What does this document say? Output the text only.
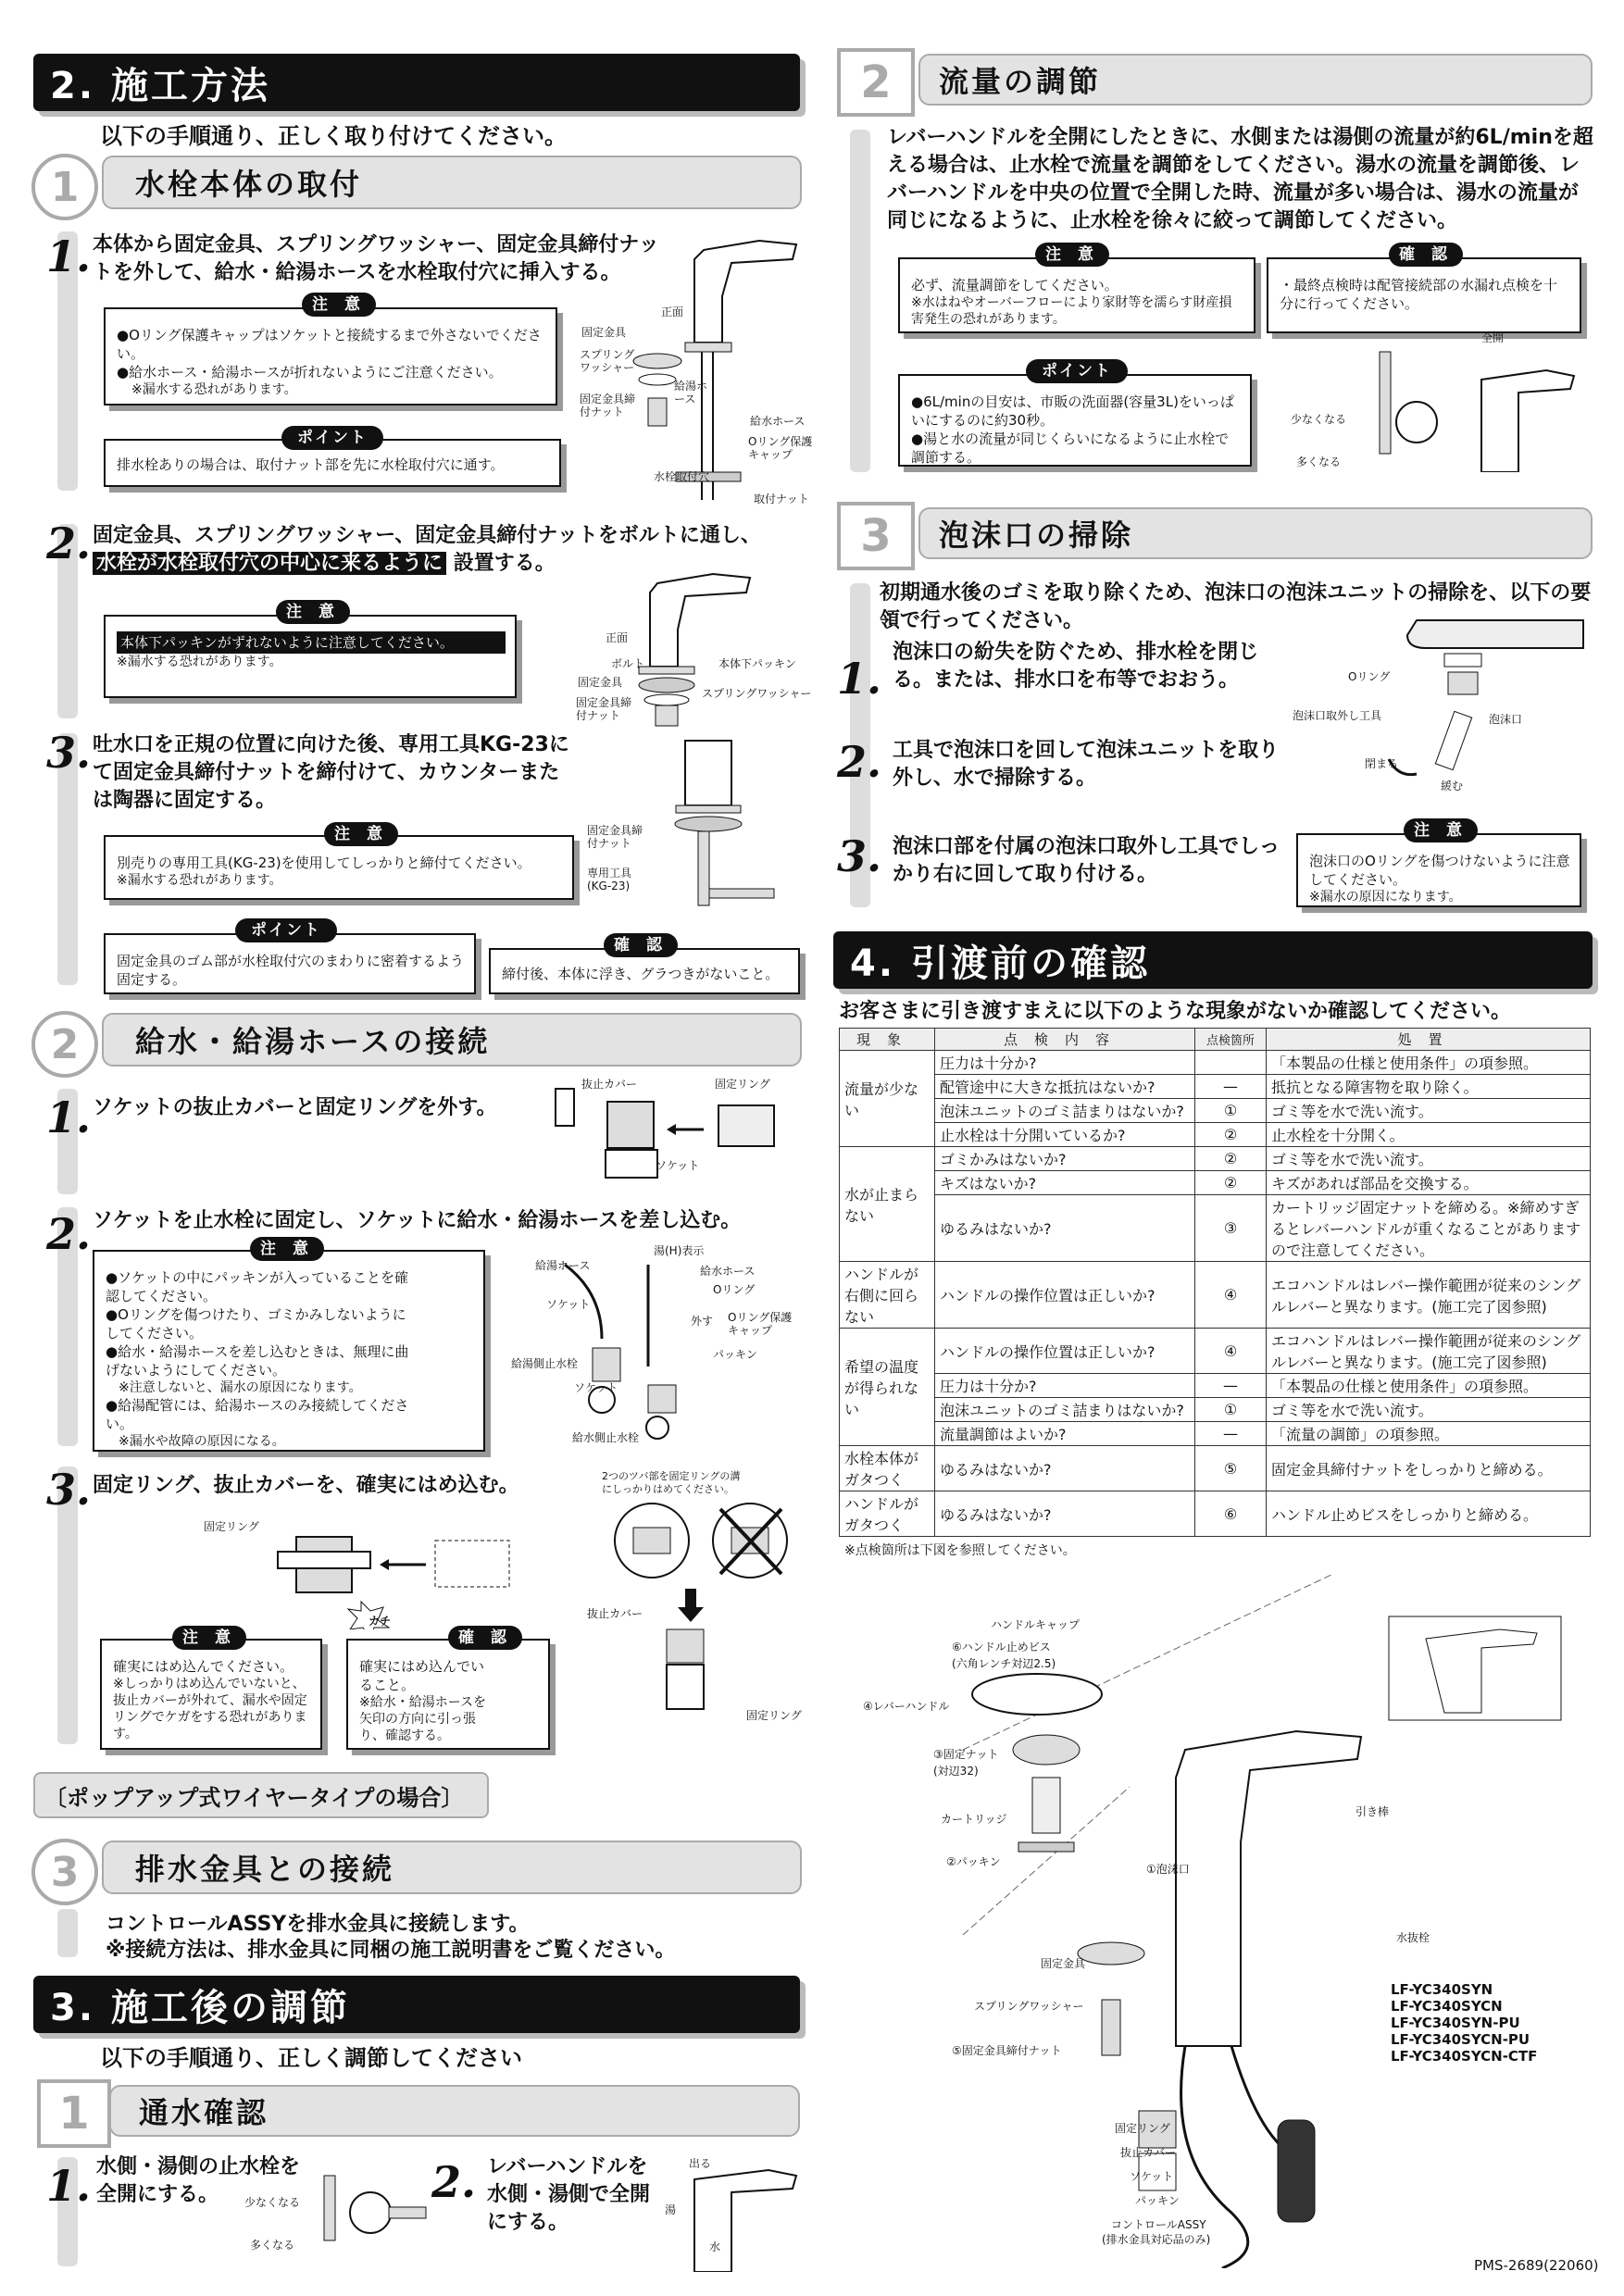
2. 施工方法
以下の手順通り、正しく取り付けてください。
水栓本体の取付
1
1. 本体から固定金具、スプリングワッシャー、固定金具締付ナットを外して、給水・給湯ホースを水栓取付穴に挿入する。
●Oリング保護キャップはソケットと接続するまで外さないでください。
●給水ホース・給湯ホースが折れないようにご注意ください。
※漏水する恐れがあります。
注 意
排水栓ありの場合は、取付ナット部を先に水栓取付穴に通す。
ポイント
正面
固定金具
スプリングワッシャー
給湯ホース
固定金具締付ナット
給水ホース
Oリング保護キャップ
水栓取付穴
取付ナット
2. 固定金具、スプリングワッシャー、固定金具締付ナットをボルトに通し、
水栓が水栓取付穴の中心に来るように 設置する。
本体下パッキンがずれないように注意してください。
※漏水する恐れがあります。
注 意
正面
ボルト	本体下パッキン
固定金具
スプリングワッシャー
固定金具締付ナット
3. 吐水口を正規の位置に向けた後、専用工具KG-23にて固定金具締付ナットを締付けて、カウンターまたは陶器に固定する。
別売りの専用工具(KG-23)を使用してしっかりと締付てください。
※漏水する恐れがあります。
注 意
固定金具のゴム部が水栓取付穴のまわりに密着するよう固定する。
ポイント
締付後、本体に浮き、グラつきがないこと。
確 認
固定金具締付ナット
専用工具(KG-23)
給水・給湯ホースの接続
2
1. ソケットの抜止カバーと固定リングを外す。
抜止カバー	固定リング
ソケット
2. ソケットを止水栓に固定し、ソケットに給水・給湯ホースを差し込む。
●ソケットの中にパッキンが入っていることを確認してください。
●Oリングを傷つけたり、ゴミかみしないようにしてください。
●給水・給湯ホースを差し込むときは、無理に曲げないようにしてください。
※注意しないと、漏水の原因になります。
●給湯配管には、給湯ホースのみ接続してください。
※漏水や故障の原因になる。
注 意
給湯ホース
湯(H)表示
給水ホース
Oリング
ソケット
外す Oリング保護キャップ
パッキン
給湯側止水栓
ソケット
給水側止水栓
3. 固定リング、抜止カバーを、確実にはめ込む。
固定リング
カチ
2つのツバ部を固定リングの溝にしっかりはめてください。
抜止カバー
固定リング
確実にはめ込んでください。
※しっかりはめ込んでいないと、抜止カバーが外れて、漏水や固定リングでケガをする恐れがあります。
注 意
確実にはめ込んでいること。
※給水・給湯ホースを矢印の方向に引っ張り、確認する。
確 認
〔ポップアップ式ワイヤータイプの場合〕
排水金具との接続
3
コントロールASSYを排水金具に接続します。
※接続方法は、排水金具に同梱の施工説明書をご覧ください。
3. 施工後の調節
以下の手順通り、正しく調節してください
通水確認
1
1. 水側・湯側の止水栓を全開にする。	少なくなる
多くなる
2. レバーハンドルを水側・湯側で全開にする。
出る
湯
水
流量の調節
2
レバーハンドルを全開にしたときに、水側または湯側の流量が約6L/minを超える場合は、止水栓で流量を調節をしてください。湯水の流量を調節後、レバーハンドルを中央の位置で全開した時、流量が多い場合は、湯水の流量が同じになるように、止水栓を徐々に絞って調節してください。
必ず、流量調節をしてください。
※水はねやオーバーフローにより家財等を濡らす財産損害発生の恐れがあります。
注 意
・最終点検時は配管接続部の水漏れ点検を十分に行ってください。
確 認
●6L/minの目安は、市販の洗面器(容量3L)をいっぱいにするのに約30秒。
●湯と水の流量が同じくらいになるように止水栓で調節する。
ポイント
全開
少なくなる
多くなる
泡沫口の掃除
3
初期通水後のゴミを取り除くため、泡沫口の泡沫ユニットの掃除を、以下の要領で行ってください。
1.
泡沫口の紛失を防ぐため、排水栓を閉じる。または、排水口を布等でおおう。
2. 工具で泡沫口を回して泡沫ユニットを取り外し、水で掃除する。
3. 泡沫口部を付属の泡沫口取外し工具でしっかり右に回して取り付ける。
Oリング
泡沫口取外し工具	泡沫口
閉まる
緩む
泡沫口のOリングを傷つけないように注意してください。
※漏水の原因になります。
注 意
4. 引渡前の確認
お客さまに引き渡すまえに以下のような現象がないか確認してください。
現象	点検内容	点検箇所	処置
流量が少ない	圧力は十分か?		「本製品の仕様と使用条件」の項参照。
	配管途中に大きな抵抗はないか?	—	抵抗となる障害物を取り除く。
	泡沫ユニットのゴミ詰まりはないか?	①	ゴミ等を水で洗い流す。
	止水栓は十分開いているか?	②	止水栓を十分開く。
水が止まらない	ゴミかみはないか?	②	ゴミ等を水で洗い流す。
	キズはないか?	②	キズがあれば部品を交換する。
	ゆるみはないか?	③	カートリッジ固定ナットを締める。※締めすぎるとレバーハンドルが重くなることがありますので注意してください。
ハンドルが右側に回らない	ハンドルの操作位置は正しいか?	④	エコハンドルはレバー操作範囲が従来のシングルレバーと異なります。(施工完了図参照)
希望の温度が得られない	ハンドルの操作位置は正しいか?	④	エコハンドルはレバー操作範囲が従来のシングルレバーと異なります。(施工完了図参照)
	圧力は十分か?	—	「本製品の仕様と使用条件」の項参照。
	泡沫ユニットのゴミ詰まりはないか?	①	ゴミ等を水で洗い流す。
	流量調節はよいか?	—	「流量の調節」の項参照。
水栓本体がガタつく	ゆるみはないか?	⑤	固定金具締付ナットをしっかりと締める。
ハンドルがガタつく	ゆるみはないか?	⑥	ハンドル止めビスをしっかりと締める。
※点検箇所は下図を参照してください。
ハンドルキャップ
⑥ハンドル止めビス
(六角レンチ対辺2.5)
④レバーハンドル
③固定ナット
(対辺32)
カートリッジ
②パッキン
①泡沫口
引き棒
固定金具
スプリングワッシャー
⑤固定金具締付ナット
固定リング
抜止カバー
ソケット
パッキン
コントロールASSY
(排水金具対応品のみ)
水抜栓
LF-YC340SYN
LF-YC340SYCN
LF-YC340SYN-PU
LF-YC340SYCN-PU
LF-YC340SYCN-CTF
PMS-2689(22060)
